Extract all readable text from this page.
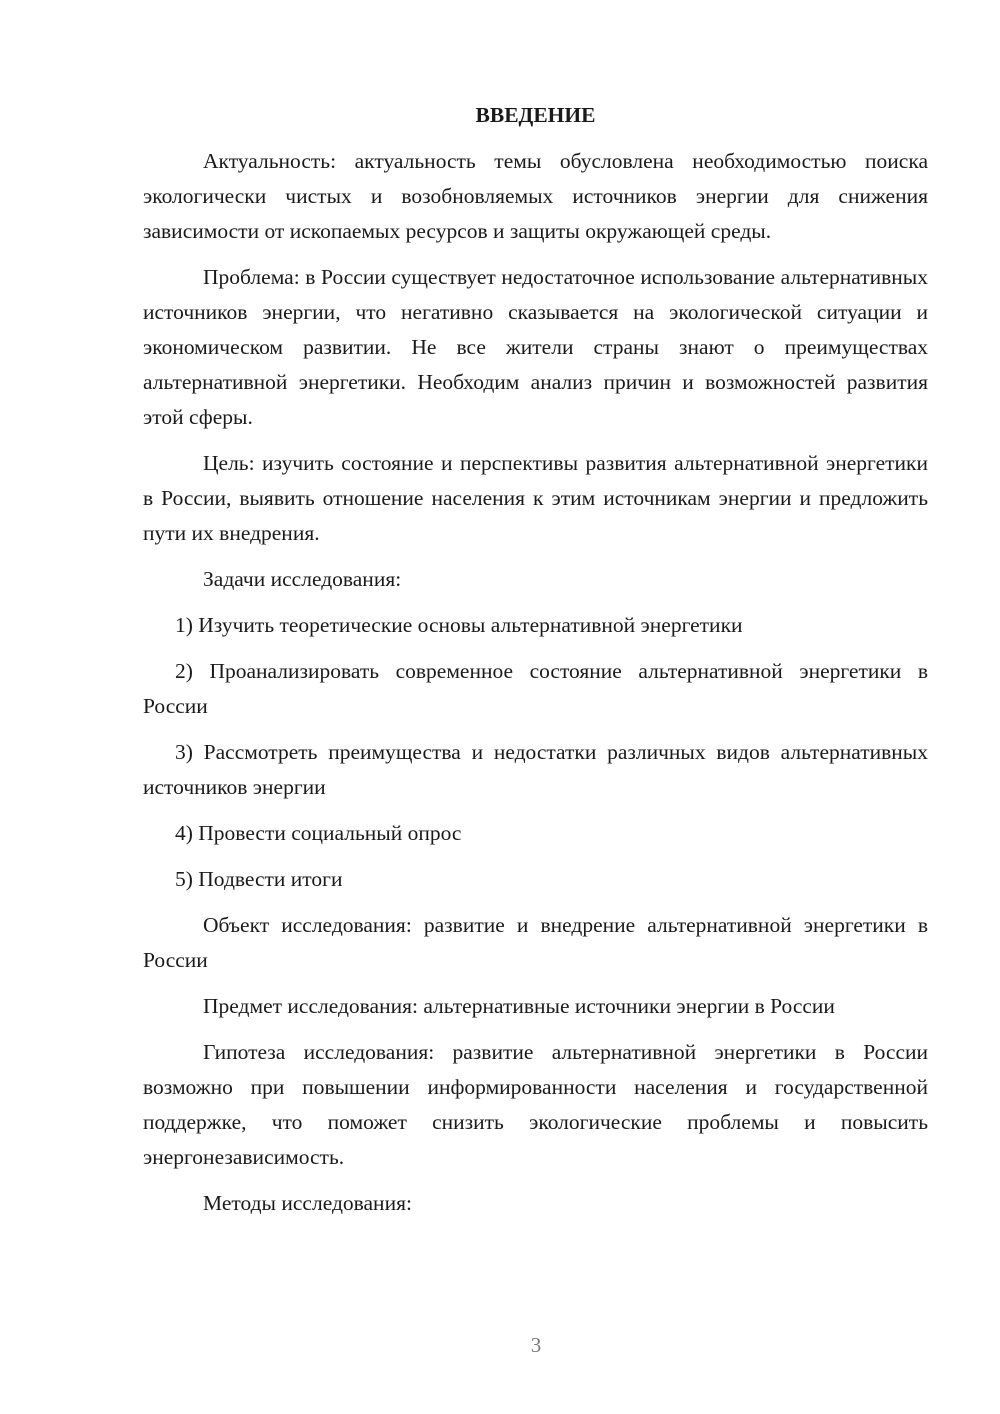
ВВЕДЕНИЕ

Актуальность: актуальность темы обусловлена необходимостью поиска экологически чистых и возобновляемых источников энергии для снижения зависимости от ископаемых ресурсов и защиты окружающей среды.

Проблема: в России существует недостаточное использование альтернативных источников энергии, что негативно сказывается на экологической ситуации и экономическом развитии. Не все жители страны знают о преимуществах альтернативной энергетики. Необходим анализ причин и возможностей развития этой сферы.

Цель: изучить состояние и перспективы развития альтернативной энергетики в России, выявить отношение населения к этим источникам энергии и предложить пути их внедрения.

Задачи исследования:

1) Изучить теоретические основы альтернативной энергетики

2) Проанализировать современное состояние альтернативной энергетики в России

3) Рассмотреть преимущества и недостатки различных видов альтернативных источников энергии

4) Провести социальный опрос

5) Подвести итоги

Объект исследования: развитие и внедрение альтернативной энергетики в России

Предмет исследования: альтернативные источники энергии в России

Гипотеза исследования: развитие альтернативной энергетики в России возможно при повышении информированности населения и государственной поддержке, что поможет снизить экологические проблемы и повысить энергонезависимость.

Методы исследования:

3
